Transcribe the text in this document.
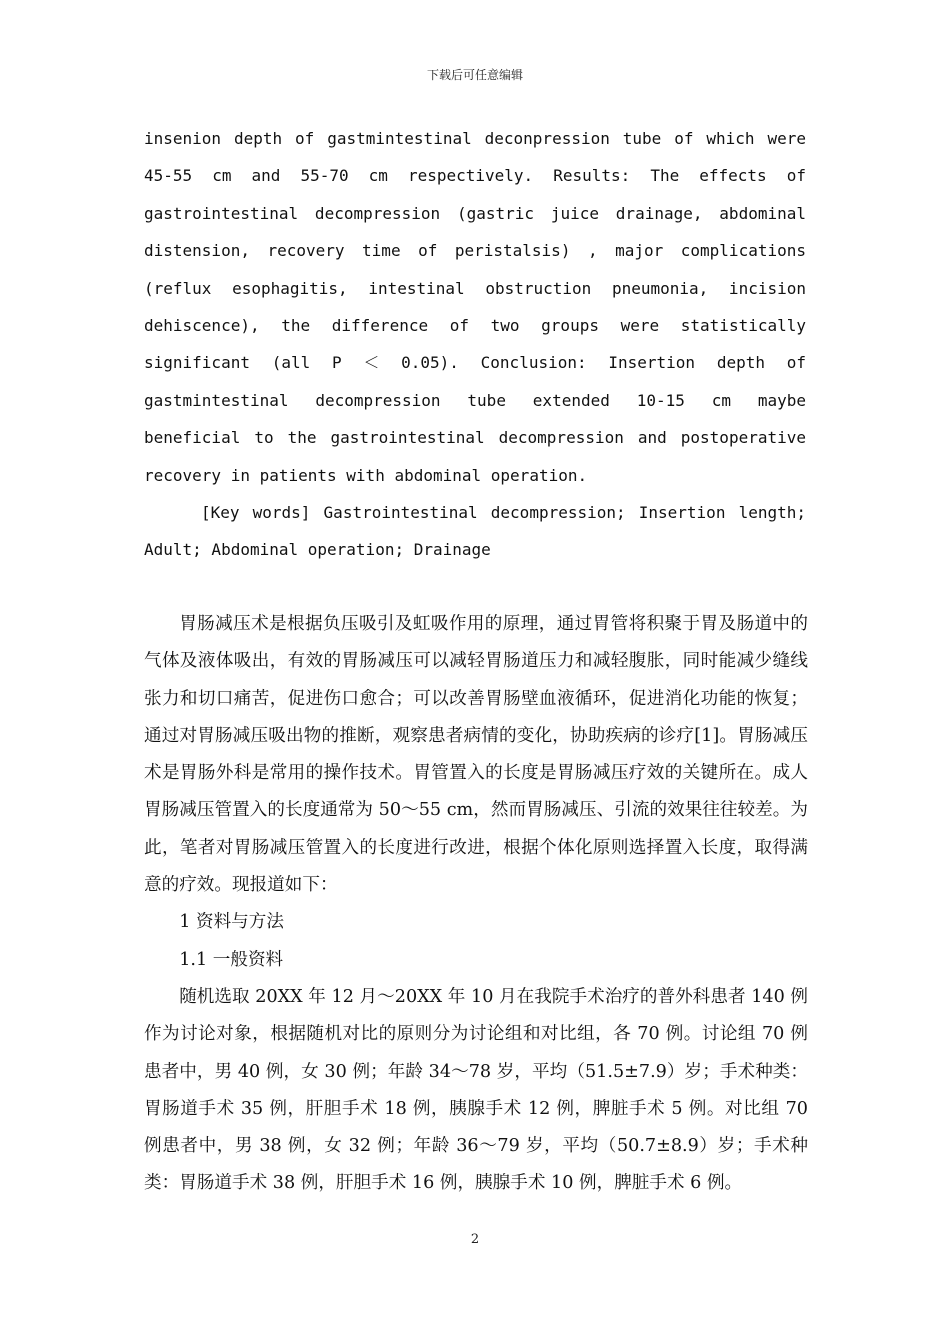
下载后可任意编辑

insenion depth of gastmintestinal deconpression tube of which were 45-55 cm and 55-70 cm respectively. Results: The effects of gastrointestinal decompression (gastric juice drainage, abdominal distension, recovery time of peristalsis) , major complications (reflux esophagitis, intestinal obstruction pneumonia, incision dehiscence), the difference of two groups were statistically significant (all P ＜ 0.05). Conclusion: Insertion depth of gastmintestinal decompression tube extended 10-15 cm maybe beneficial to the gastrointestinal decompression and postoperative recovery in patients with abdominal operation.

[Key words] Gastrointestinal decompression; Insertion length; Adult; Abdominal operation; Drainage

胃肠减压术是根据负压吸引及虹吸作用的原理，通过胃管将积聚于胃及肠道中的气体及液体吸出，有效的胃肠减压可以减轻胃肠道压力和减轻腹胀，同时能减少缝线张力和切口痛苦，促进伤口愈合；可以改善胃肠壁血液循环，促进消化功能的恢复；通过对胃肠减压吸出物的推断，观察患者病情的变化，协助疾病的诊疗[1]。胃肠减压术是胃肠外科是常用的操作技术。胃管置入的长度是胃肠减压疗效的关键所在。成人胃肠减压管置入的长度通常为 50～55 cm，然而胃肠减压、引流的效果往往较差。为此，笔者对胃肠减压管置入的长度进行改进，根据个体化原则选择置入长度，取得满意的疗效。现报道如下：

1 资料与方法

1.1 一般资料

随机选取 20XX 年 12 月～20XX 年 10 月在我院手术治疗的普外科患者 140 例作为讨论对象，根据随机对比的原则分为讨论组和对比组，各 70 例。讨论组 70 例患者中，男 40 例，女 30 例；年龄 34～78 岁，平均（51.5±7.9）岁；手术种类：胃肠道手术 35 例，肝胆手术 18 例，胰腺手术 12 例，脾脏手术 5 例。对比组 70 例患者中，男 38 例，女 32 例；年龄 36～79 岁，平均（50.7±8.9）岁；手术种类：胃肠道手术 38 例，肝胆手术 16 例，胰腺手术 10 例，脾脏手术 6 例。

2
